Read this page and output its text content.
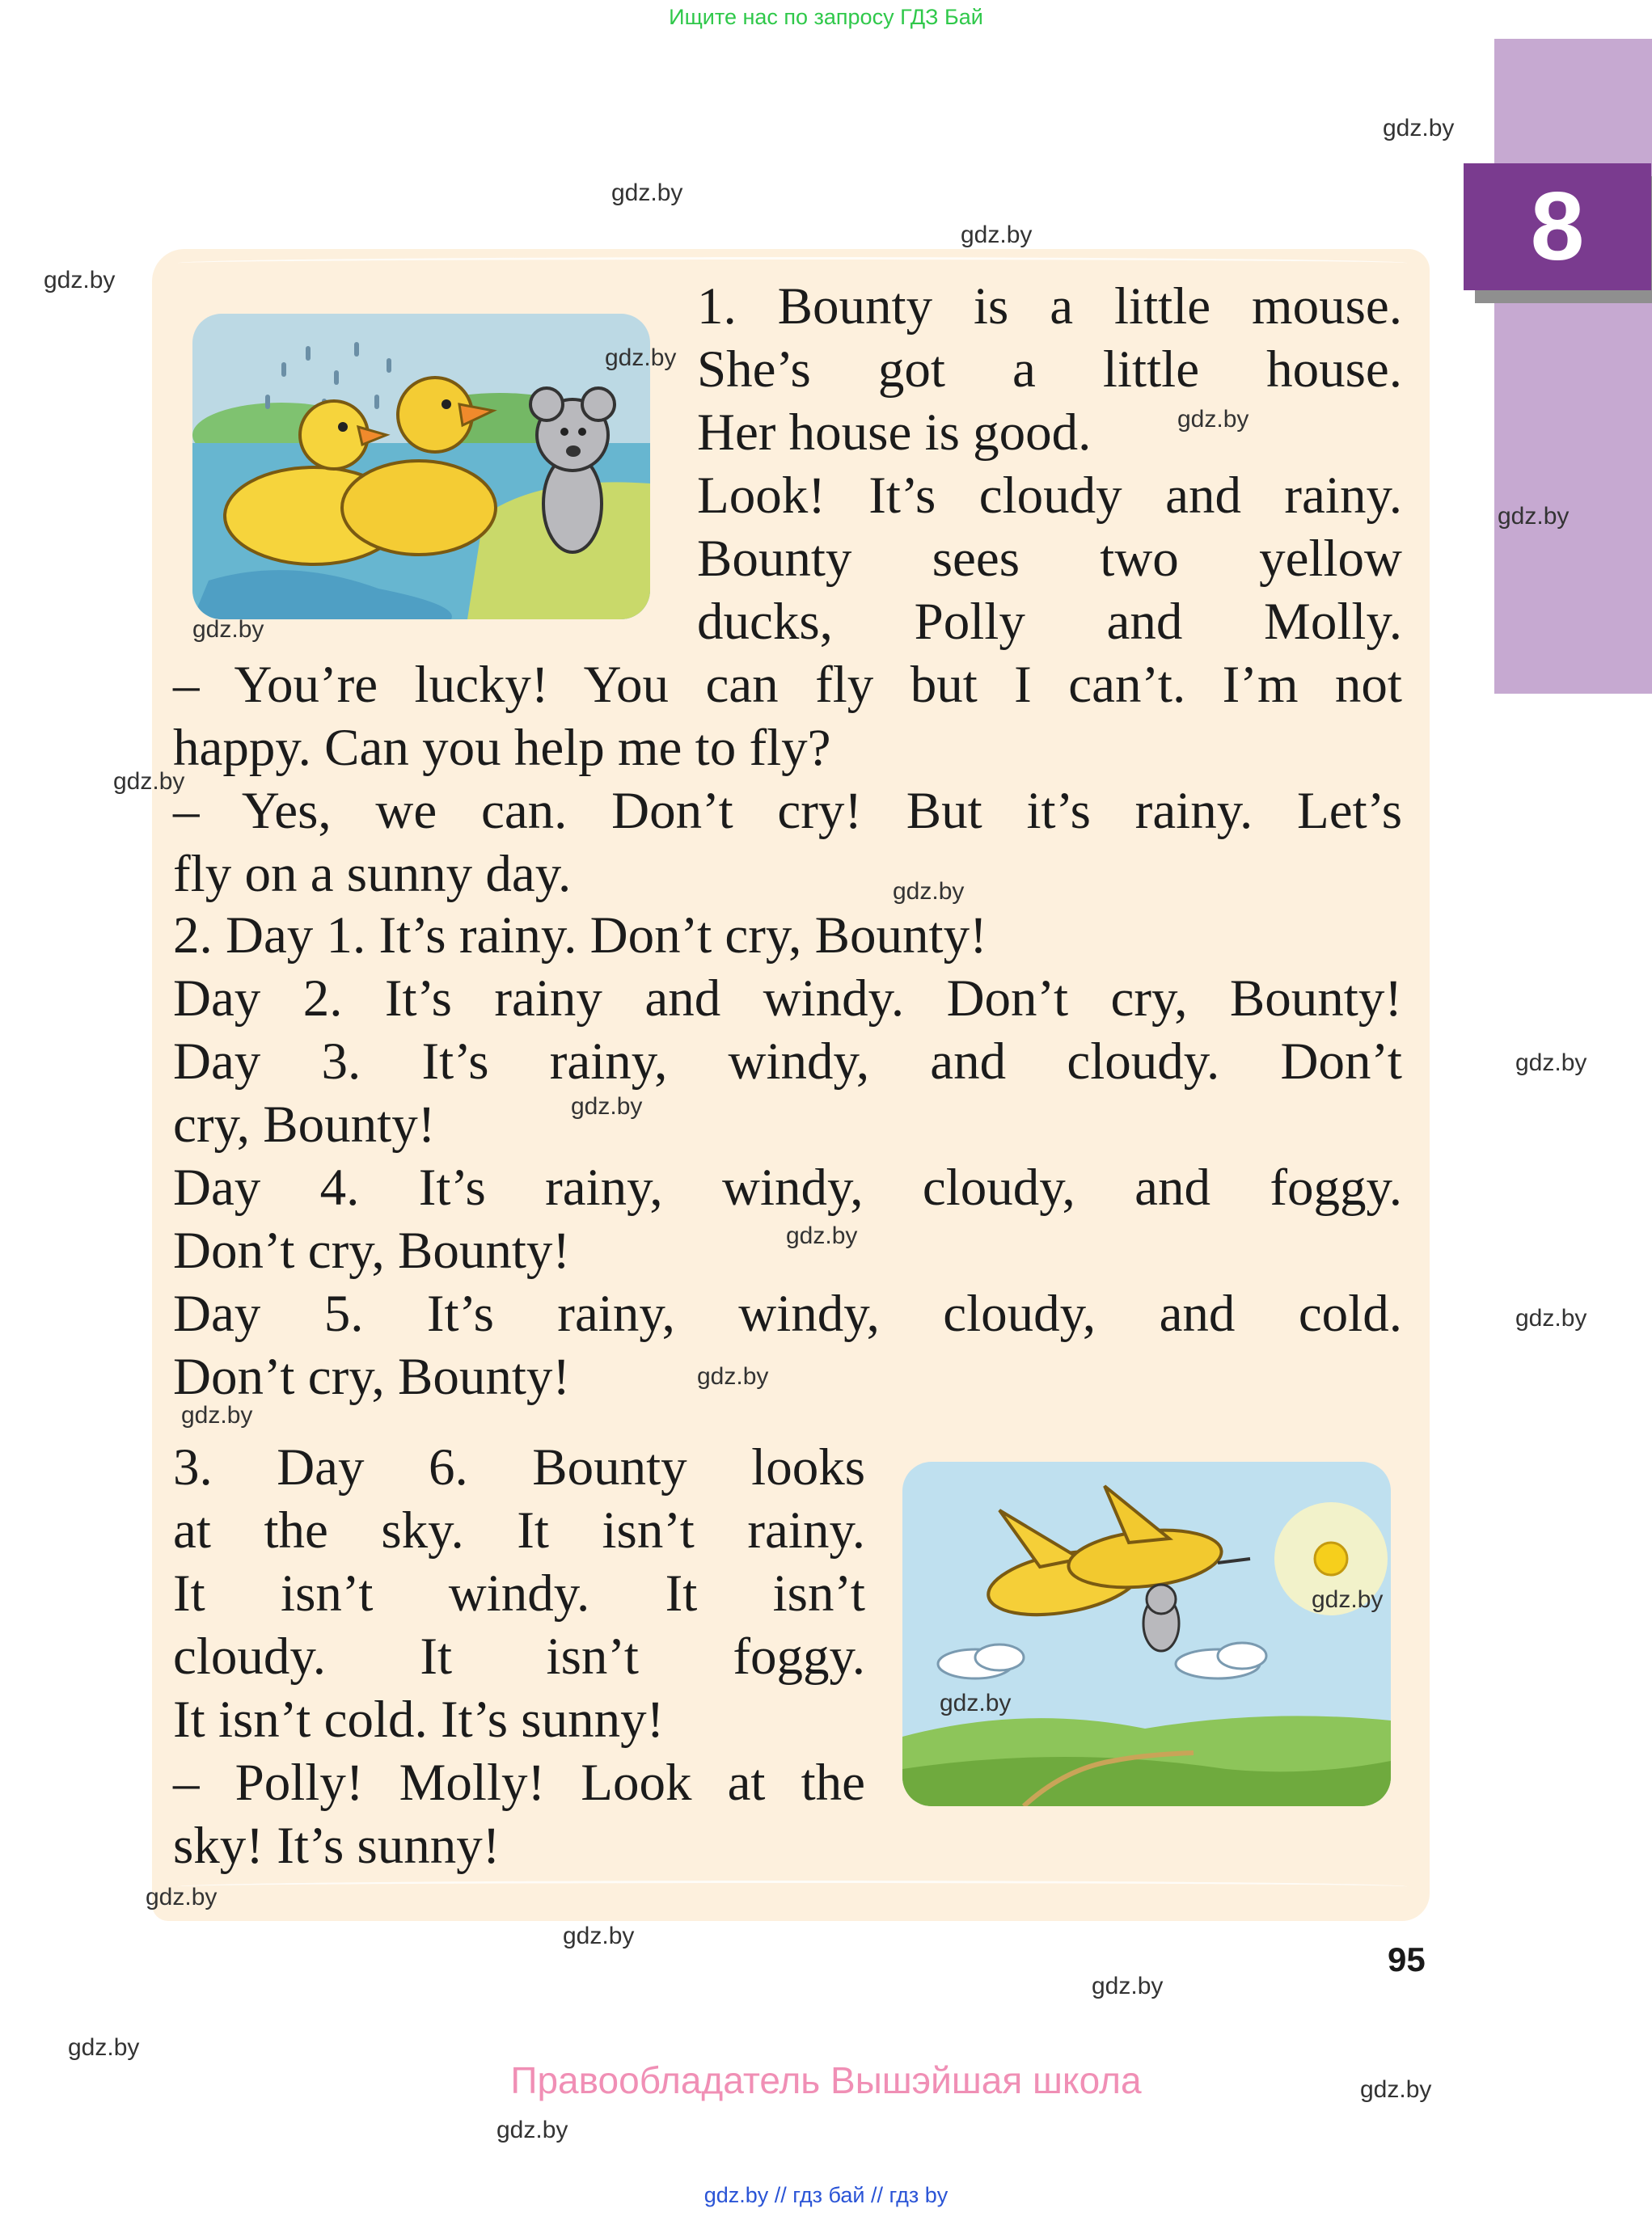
Ищите нас по запросу ГДЗ Бай
8

1. Bounty is a little mouse.

She’s got a little house.

Her house is good.

Look! It’s cloudy and rainy.

Bounty sees two yellow

ducks, Polly and Molly.

– You’re lucky! You can fly but I can’t. I’m not

happy. Can you help me to fly?

– Yes, we can. Don’t cry! But it’s rainy. Let’s

fly on a sunny day.

2. Day 1. It’s rainy. Don’t cry, Bounty!

Day 2. It’s rainy and windy. Don’t cry, Bounty!

Day 3. It’s rainy, windy, and cloudy. Don’t

cry, Bounty!

Day 4. It’s rainy, windy, cloudy, and foggy.

Don’t cry, Bounty!

Day 5. It’s rainy, windy, cloudy, and cold.

Don’t cry, Bounty!

3. Day 6. Bounty looks

at the sky. It isn’t rainy.

It isn’t windy. It isn’t

cloudy. It isn’t foggy.

It isn’t cold. It’s sunny!

– Polly! Molly! Look at the

sky! It’s sunny!

95
Правообладатель Вышэйшая школа
gdz.by // гдз бай // гдз by
gdz.by
gdz.by
gdz.by
gdz.by
gdz.by
gdz.by
gdz.by
gdz.by
gdz.by
gdz.by
gdz.by
gdz.by
gdz.by
gdz.by
gdz.by
gdz.by
gdz.by
gdz.by
gdz.by
gdz.by
gdz.by
gdz.by
gdz.by
gdz.by
